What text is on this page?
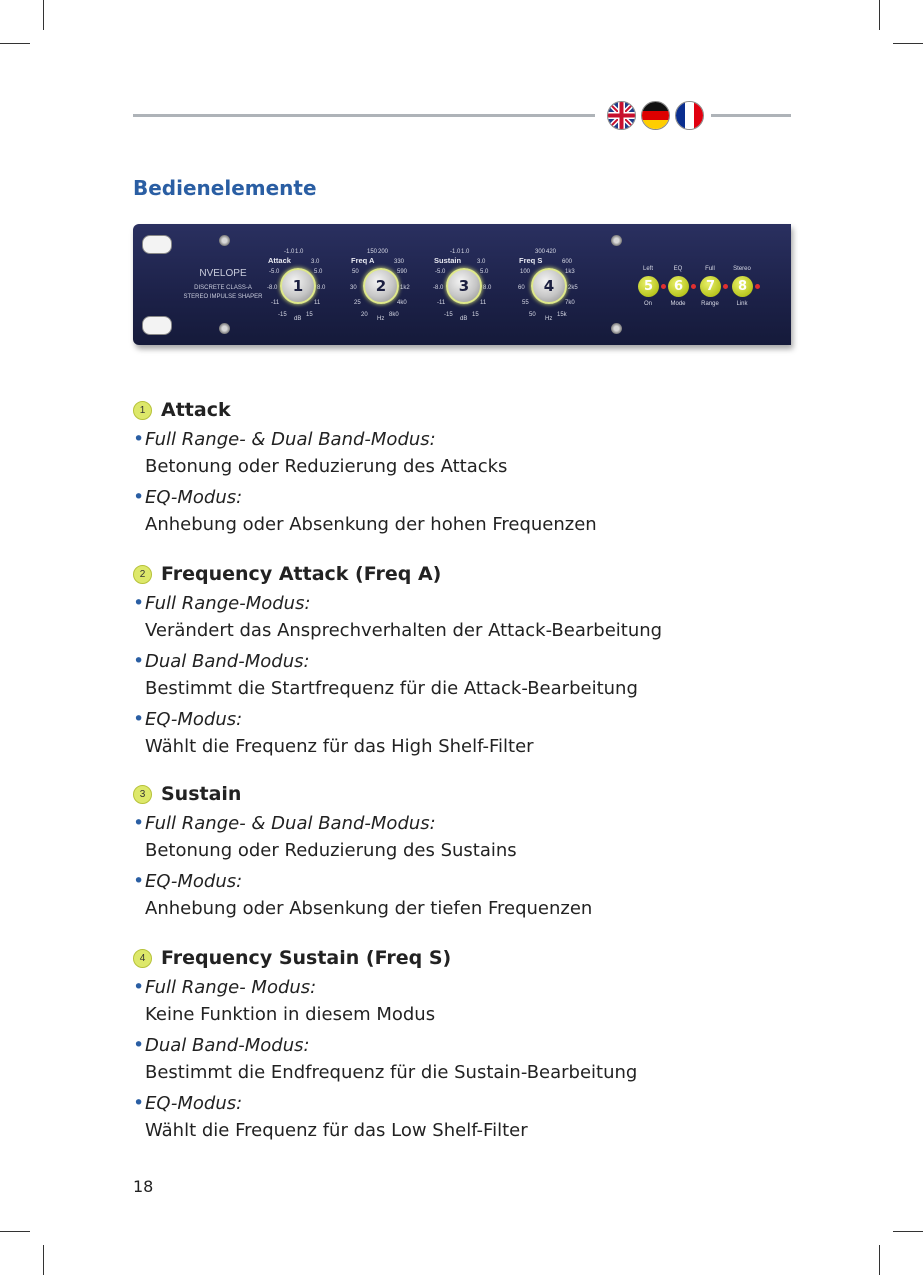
Bedienelemente
NVELOPE
DISCRETE CLASS-A
STEREO IMPULSE SHAPER
1
Attack
dB
-1.0 1.0
3.0
-5.0	5.0
-8.0	8.0
-11	11
-15	15
2
Freq A
Hz
150 200
330
50	590
30	1k2
25	4k0
20	8k0
3
Sustain
dB
-1.0 1.0
3.0
-5.0	5.0
-8.0	8.0
-11	11
-15	15
4
Freq S
Hz
300 420
600
100	1k3
60	2k5
55	7k0
50	15k
Left
5
On
EQ
6
Mode
Full
7
Range
Stereo
8
Link
1 Attack
• Full Range- & Dual Band-Modus:
Betonung oder Reduzierung des Attacks
• EQ-Modus:
Anhebung oder Absenkung der hohen Frequenzen
2 Frequency Attack (Freq A)
• Full Range-Modus:
Verändert das Ansprechverhalten der Attack-Bearbeitung
• Dual Band-Modus:
Bestimmt die Startfrequenz für die Attack-Bearbeitung
• EQ-Modus:
Wählt die Frequenz für das High Shelf-Filter
3 Sustain
• Full Range- & Dual Band-Modus:
Betonung oder Reduzierung des Sustains
• EQ-Modus:
Anhebung oder Absenkung der tiefen Frequenzen
4 Frequency Sustain (Freq S)
• Full Range- Modus:
Keine Funktion in diesem Modus
• Dual Band-Modus:
Bestimmt die Endfrequenz für die Sustain-Bearbeitung
• EQ-Modus:
Wählt die Frequenz für das Low Shelf-Filter
18
